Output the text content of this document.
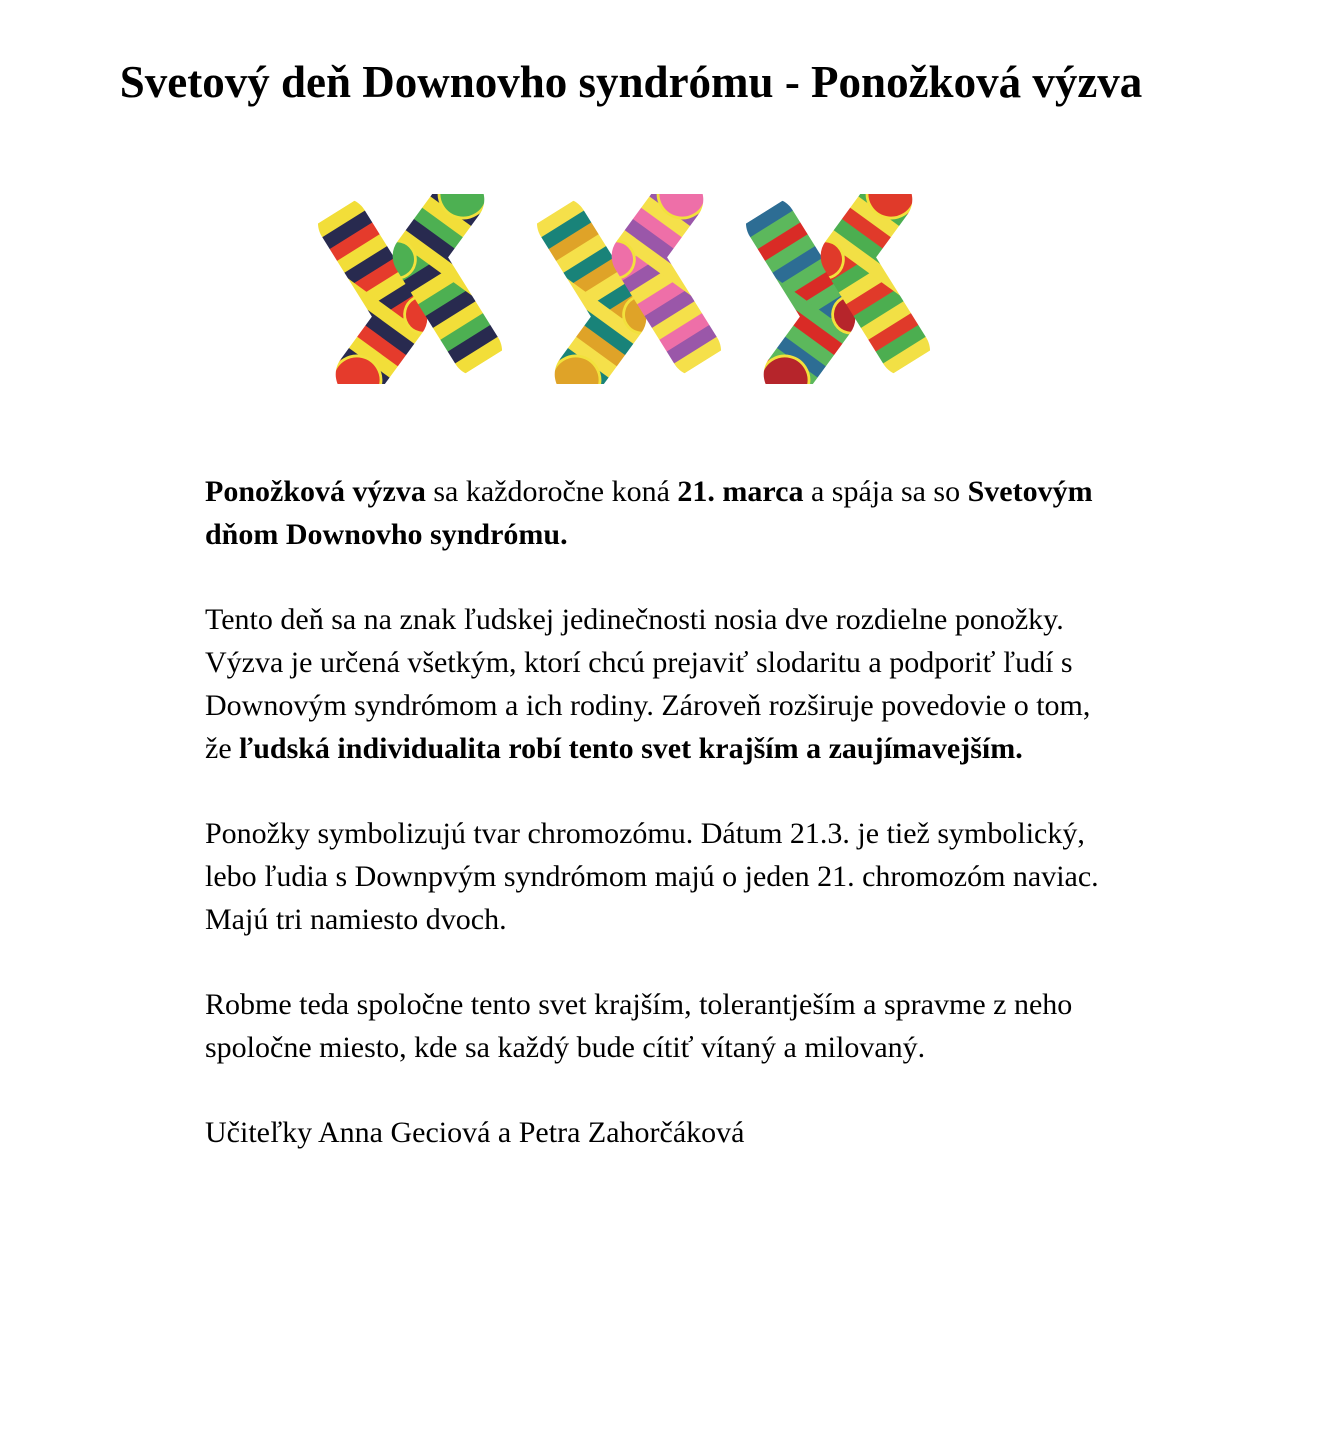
Svetový deň Downovho syndrómu - Ponožková výzva

Ponožková výzva sa každoročne koná 21. marca a spája sa so Svetovým dňom Downovho syndrómu.

Tento deň sa na znak ľudskej jedinečnosti nosia dve rozdielne ponožky. Výzva je určená všetkým, ktorí chcú prejaviť slodaritu a podporiť ľudí s Downovým syndrómom a ich rodiny. Zároveň rozširuje povedovie o tom, že ľudská individualita robí tento svet krajším a zaujímavejším.

Ponožky symbolizujú tvar chromozómu. Dátum 21.3. je tiež symbolický, lebo ľudia s Downpvým syndrómom majú o jeden 21. chromozóm naviac. Majú tri namiesto dvoch.

Robme teda spoločne tento svet krajším, tolerantješím a spravme z neho spoločne miesto, kde sa každý bude cítiť vítaný a milovaný.

Učiteľky Anna Geciová a Petra Zahorčáková
